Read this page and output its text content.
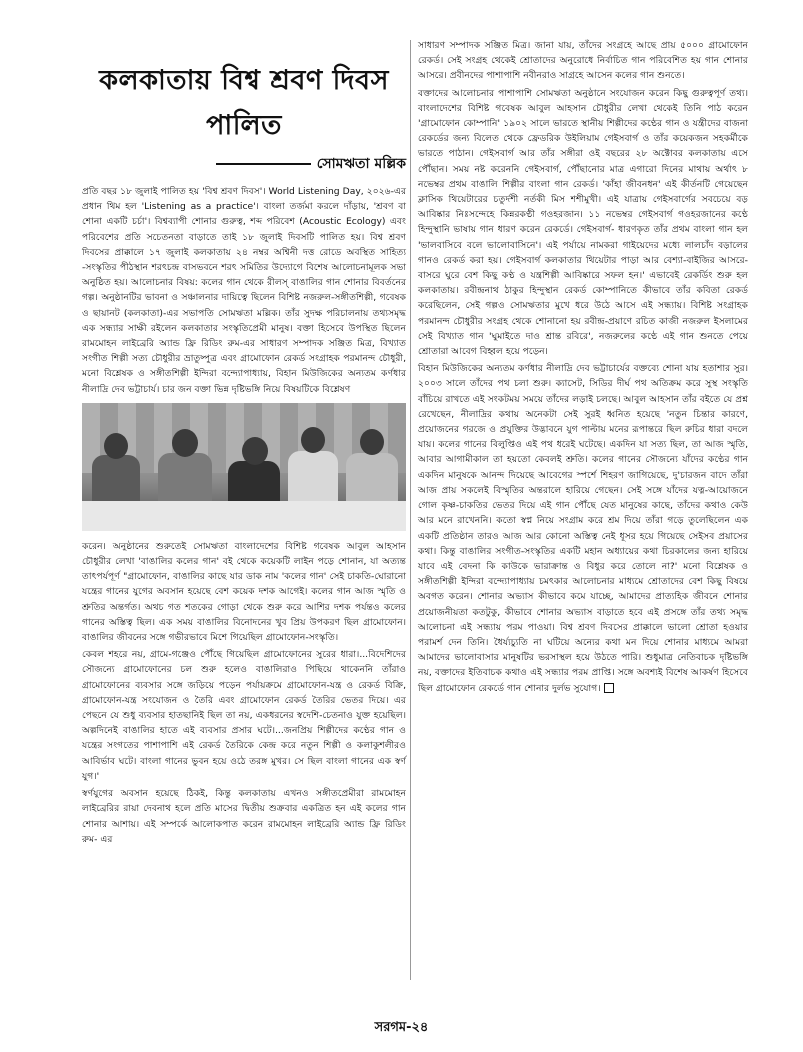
কলকাতায় বিশ্ব শ্রবণ দিবস পালিত
সোমঋতা মল্লিক

প্রতি বছর ১৮ জুলাই পালিত হয় 'বিশ্ব শ্রবণ দিবস'। World Listening Day, ২০২৬-এর প্রধান থিম হল 'Listening as a practice'। বাংলা তর্জমা করলে দাঁড়ায়, 'শ্রবণ বা শোনা একটি চর্চা'। বিশ্বব্যাপী শোনার গুরুত্ব, শব্দ পরিবেশ (Acoustic Ecology) এবং পরিবেশের প্রতি সচেতনতা বাড়াতে তাই ১৮ জুলাই দিবসটি পালিত হয়। বিশ্ব শ্রবণ দিবসের প্রাক্কালে ১৭ জুলাই কলকাতায় ২৪ নম্বর অশ্বিনী দত্ত রোডে অবস্থিত সাহিত্য -সংস্কৃতির পীঠস্থান শরৎচন্দ্র বাসভবনে শরৎ সমিতির উদ্যোগে বিশেষ আলোচনামূলক সভা অনুষ্ঠিত হয়। আলোচনার বিষয়: কলের গান থেকে রীলস্ বাঙালির গান শোনার বিবর্তনের গল্প। অনুষ্ঠানটির ভাবনা ও সঞ্চালনার দায়িত্বে ছিলেন বিশিষ্ট নজরুল-সঙ্গীতশিল্পী, গবেষক ও ছায়ানট (কলকাতা)-এর সভাপতি সোমঋতা মল্লিক। তাঁর সুদক্ষ পরিচালনায় তথ্যসমৃদ্ধ এক সন্ধ্যার সাক্ষী রইলেন কলকাতার সংস্কৃতিপ্রেমী মানুষ। বক্তা হিসেবে উপস্থিত ছিলেন রামমোহন লাইব্রেরি অ্যান্ড ফ্রি রিডিং রুম-এর সাধারণ সম্পাদক সঞ্জিত মিত্র, বিখ্যাত সংগীত শিল্পী সত্য চৌধুরীর ভ্রাতুষ্পুত্র এবং গ্রামোফোন রেকর্ড সংগ্রাহক পরমানন্দ চৌধুরী, মনো বিশ্লেষক ও সঙ্গীতশিল্পী ইন্দিরা বন্দ্যোপাধ্যায়, বিহান মিউজিকের অন্যতম কর্ণধার নীলাদ্রি দেব ভট্টাচার্য। চার জন বক্তা ভিন্ন দৃষ্টিভঙ্গি নিয়ে বিষয়টিকে বিশ্লেষণ

করেন। অনুষ্ঠানের শুরুতেই সোমঋতা বাংলাদেশের বিশিষ্ট গবেষক আবুল আহসান চৌধুরীর লেখা 'বাঙালির কলের গান' বই থেকে কয়েকটি লাইন পড়ে শোনান, যা অত্যন্ত তাৎপর্যপূর্ণ "গ্রামোফোন, বাঙালির কাছে যার ডাক নাম 'কলের গান' সেই চাকতি-ঘোরানো যন্ত্রের গানের যুগের অবসান হয়েছে বেশ কয়েক দশক আগেই। কলের গান আজ স্মৃতি ও শ্রুতির অন্তর্গত। অথচ গত শতকের গোড়া থেকে শুরু করে আশির দশক পর্যন্তও কলের গানের অস্তিত্ব ছিল। এক সময় বাঙালির বিনোদনের খুব প্রিয় উপকরণ ছিল গ্রামোফোন। বাঙালির জীবনের সঙ্গে গভীরভাবে মিশে গিয়েছিল গ্রামোফোন-সংস্কৃতি।

কেবল শহরে নয়, গ্রামে-গঞ্জেও পৌঁছে গিয়েছিল গ্রামোফোনের সুরের ধারা।...বিদেশিদের সৌজন্যে গ্রামোফোনের চল শুরু হলেও বাঙালিরাও পিছিয়ে থাকেননি তাঁরাও গ্রামোফোনের ব্যবসার সঙ্গে জড়িয়ে পড়েন পর্যায়ক্রমে গ্রামোফোন-যন্ত্র ও রেকর্ড বিক্রি, গ্রামোফোন-যন্ত্র সংযোজন ও তৈরি এবং গ্রামোফোন রেকর্ড তৈরির ভেতর দিয়ে। এর পেছনে যে শুধু ব্যবসার হাতছানিই ছিল তা নয়, একধরনের স্বদেশি-চেতনাও যুক্ত হয়েছিল। অল্পদিনেই বাঙালির হাতে এই ব্যবসার প্রসার ঘটে।...জনপ্রিয় শিল্পীদের কণ্ঠের গান ও যন্ত্রের সংগতের পাশাপাশি এই রেকর্ড তৈরিকে কেন্দ্র করে নতুন শিল্পী ও কলাকুশলীরও আবির্ভাব ঘটে। বাংলা গানের ভুবন হয়ে ওঠে তরঙ্গ মুখর। সে ছিল বাংলা গানের এক স্বর্ণ যুগ।'

স্বর্ণযুগের অবসান হয়েছে ঠিকই, কিন্তু কলকাতায় এখনও সঙ্গীতপ্রেমীরা রামমোহন লাইব্রেরির রায়া দেবনাথ হলে প্রতি মাসের দ্বিতীয় শুক্রবার একত্রিত হন এই কলের গান শোনার আশায়। এই সম্পর্কে আলোকপাত করেন রামমোহন লাইব্রেরি অ্যান্ড ফ্রি রিডিং রুম- এর

সাধারণ সম্পাদক সঞ্জিত মিত্র। জানা যায়, তাঁদের সংগ্রহে আছে প্রায় ৫০০০ গ্রামোফোন রেকর্ড। সেই সংগ্রহ থেকেই শ্রোতাদের অনুরোধে নির্বাচিত গান পরিবেশিত হয় গান শোনার আসরে। প্রবীনদের পাশাপাশি নবীনরাও সাগ্রহে আসেন কলের গান শুনতে।

বক্তাদের আলোচনার পাশাপাশি সোমঋতা অনুষ্ঠানে সংযোজন করেন কিছু গুরুত্বপূর্ণ তথ্য। বাংলাদেশের বিশিষ্ট গবেষক আবুল আহসান চৌধুরীর লেখা থেকেই তিনি পাঠ করেন 'গ্রামোফোন কোম্পানি' ১৯০২ সালে ভারতে স্থানীয় শিল্পীদের কণ্ঠের গান ও যন্ত্রীদের বাজনা রেকর্ডের জন্য বিলেত থেকে ফ্রেডরিক উইলিয়াম গেইসবার্গ ও তাঁর কয়েকজন সহকর্মীকে ভারতে পাঠান। গেইসবার্গ আর তাঁর সঙ্গীরা ওই বছরের ২৮ অক্টোবর কলকাতায় এসে পৌঁছান। সময় নষ্ট করেননি গেইসবার্গ, পৌঁছানোর মাত্র এগারো দিনের মাথায় অর্থাৎ ৮ নভেম্বর প্রথম বাঙালি শিল্পীর বাংলা গান রেকর্ড। 'কাঁহা জীবনধন' এই কীর্তনটি গেয়েছেন ক্লাসিক থিয়েটারের চতুর্দশী নর্তকী মিস শশীমুখী। এই যাত্রায় গেইসবার্গের সবচেয়ে বড় আবিষ্কার নিঃসন্দেহে কিন্নরকণ্ঠী গওহরজান। ১১ নভেম্বর গেইসবার্গ গওহরজানের কণ্ঠে হিন্দুস্থানি ভাষায় গান ধারণ করেন রেকর্ডে। গেইসবার্গ- ধারণকৃত তাঁর প্রথম বাংলা গান হল 'ভালবাসিবে বলে ভালোবাসিনে'। এই পর্যায়ে নামকরা গাইয়েদের মধ্যে লালচাঁদ বড়ালের গানও রেকর্ড করা হয়। গেইসবার্গ কলকাতার থিয়েটার পাড়া আর বেশ্যা-বাইজির আসরে-বাসরে ঘুরে বেশ কিছু কণ্ঠ ও যন্ত্রশিল্পী আবিষ্কারে সফল হন।' এভাবেই রেকর্ডিং শুরু হল কলকাতায়। রবীন্দ্রনাথ ঠাকুর হিন্দুস্থান রেকর্ড কোম্পানিতে কীভাবে তাঁর কবিতা রেকর্ড করেছিলেন, সেই গল্পও সোমঋতার মুখে ধরে উঠে আসে এই সন্ধ্যায়। বিশিষ্ট সংগ্রাহক পরমানন্দ চৌধুরীর সংগ্রহ থেকে শোনানো হয় রবীন্দ্র-প্রয়াণে রচিত কাজী নজরুল ইসলামের সেই বিখ্যাত গান 'ঘুমাইতে দাও শ্রান্ত রবিরে', নজরুলের কণ্ঠে এই গান শুনতে পেয়ে শ্রোতারা আবেগ বিহ্বল হয়ে পড়েন।

বিহান মিউজিকের অন্যতম কর্ণধার নীলাদ্রি দেব ভট্টাচার্যের বক্তব্যে শোনা যায় হতাশার সুর। ২০০৩ সালে তাঁদের পথ চলা শুরু। ক্যাসেট, সিডির দীর্ঘ পথ অতিক্রম করে সুস্থ সংস্কৃতি বাঁচিয়ে রাখতে এই সংকটময় সময়ে তাঁদের লড়াই চলছে। আবুল আহসান তাঁর বইতে যে প্রশ্ন রেখেছেন, নীলাদ্রির কথায় অনেকটা সেই সুরই ধ্বনিত হয়েছে 'নতুন চিন্তার কারণে, প্রয়োজনের গরজে ও প্রযুক্তির উদ্ভাবনে যুগ পাল্টায় মনের রূপান্তরে ছিল রুচির ধারা বদলে যায়। কলের গানের বিলুপ্তিও এই পথ ধরেই ঘটেছে। একদিন যা সত্য ছিল, তা আজ স্মৃতি, আবার আগামীকাল তা হয়তো কেবলই শ্রুতি। কলের গানের সৌজন্যে যাঁদের কণ্ঠের গান একদিন মানুষকে আনন্দ দিয়েছে আবেগের স্পর্শে শিহরণ জাগিয়েছে, দু'চারজন বাদে তাঁরা আজ প্রায় সকলেই বিস্মৃতির অন্তরালে হারিয়ে গেছেন। সেই সঙ্গে যাঁদের যত্ন-আয়োজনে গোল কৃষ্ণ-চাকতির ভেতর দিয়ে এই গান পৌঁছে যেত মানুষের কাছে, তাঁদের কথাও কেউ আর মনে রাখেননি। কতো স্বপ্ন নিয়ে সংগ্রাম করে শ্রম দিয়ে তাঁরা গড়ে তুলেছিলেন এক একটি প্রতিষ্ঠান তারও আজ আর কোনো অস্তিত্ব নেই ধূসর হয়ে গিয়েছে সেইসব প্রয়াসের কথা। কিন্তু বাঙালির সংগীত-সংস্কৃতির একটি মহান অধ্যায়ের কথা চিরকালের জন্য হারিয়ে যাবে এই বেদনা কি কাউকে ভারাক্রান্ত ও বিধুর করে তোলে না?' মনো বিশ্লেষক ও সঙ্গীতশিল্পী ইন্দিরা বন্দ্যোপাধ্যায় চমৎকার আলোচনার মাধ্যমে শ্রোতাদের বেশ কিছু বিষয়ে অবগত করেন। শোনার অভ্যাস কীভাবে কমে যাচ্ছে, আমাদের প্রাত্যহিক জীবনে শোনার প্রয়োজনীয়তা কতটুকু, কীভাবে শোনার অভ্যাস বাড়াতে হবে এই প্রসঙ্গে তাঁর তথ্য সমৃদ্ধ আলোচনা এই সন্ধ্যায় পরম পাওয়া। বিশ্ব শ্রবণ দিবসের প্রাক্কালে ভালো শ্রোতা হওয়ার পরামর্শ দেন তিনি। ধৈর্য্যচ্যুতি না ঘটিয়ে অন্যের কথা মন দিয়ে শোনার মাধ্যমে আমরা আমাদের ভালোবাসার মানুষটির ভরসাস্থল হয়ে উঠতে পারি। শুধুমাত্র নেতিবাচক দৃষ্টিভঙ্গি নয়, বক্তাদের ইতিবাচক কথাও এই সন্ধ্যার পরম প্রাপ্তি। সঙ্গে অবশ্যই বিশেষ আকর্ষণ হিসেবে ছিল গ্রামোফোন রেকর্ডে গান শোনার দুর্লভ সুযোগ।

সরগম-২৪
